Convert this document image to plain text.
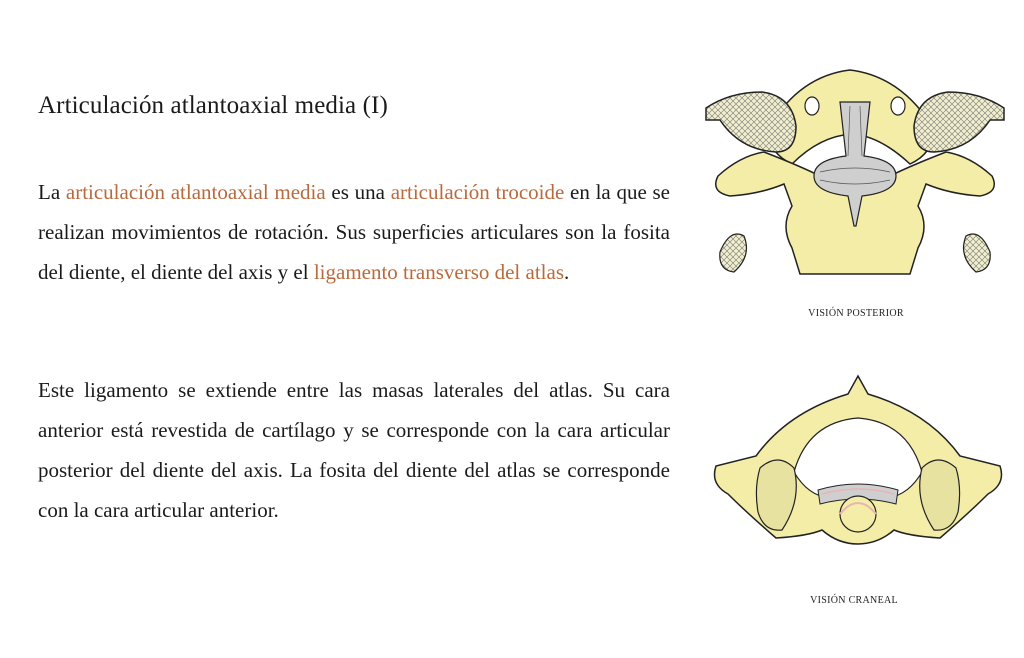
Articulación atlantoaxial media (I)

La articulación atlantoaxial media es una articulación trocoide en la que se realizan movimientos de rotación. Sus superficies articulares son la fosita del diente, el diente del axis y el ligamento transverso del atlas.

Este ligamento se extiende entre las masas laterales del atlas. Su cara anterior está revestida de cartílago y se corresponde con la cara articular posterior del diente del axis. La fosita del diente del atlas se corresponde con la cara articular anterior.

VISIÓN POSTERIOR
VISIÓN CRANEAL
